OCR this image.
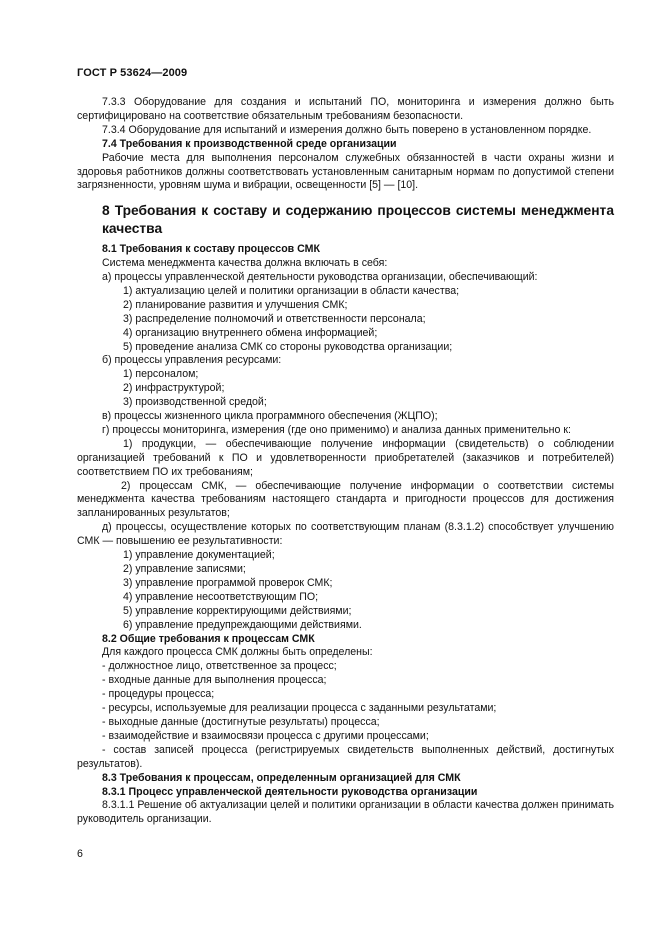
ГОСТ Р 53624—2009

7.3.3 Оборудование для создания и испытаний ПО, мониторинга и измерения должно быть сертифицировано на соответствие обязательным требованиям безопасности.

7.3.4 Оборудование для испытаний и измерения должно быть поверено в установленном порядке.

7.4 Требования к производственной среде организации

Рабочие места для выполнения персоналом служебных обязанностей в части охраны жизни и здоровья работников должны соответствовать установленным санитарным нормам по допустимой степени загрязненности, уровням шума и вибрации, освещенности [5] — [10].

8 Требования к составу и содержанию процессов системы менеджмента качества

8.1 Требования к составу процессов СМК

Система менеджмента качества должна включать в себя:

а) процессы управленческой деятельности руководства организации, обеспечивающий:

1) актуализацию целей и политики организации в области качества;

2) планирование развития и улучшения СМК;

3) распределение полномочий и ответственности персонала;

4) организацию внутреннего обмена информацией;

5) проведение анализа СМК со стороны руководства организации;

б) процессы управления ресурсами:

1) персоналом;

2) инфраструктурой;

3) производственной средой;

в) процессы жизненного цикла программного обеспечения (ЖЦПО);

г) процессы мониторинга, измерения (где оно применимо) и анализа данных применительно к:

1) продукции, — обеспечивающие получение информации (свидетельств) о соблюдении организацией требований к ПО и удовлетворенности приобретателей (заказчиков и потребителей) соответствием ПО их требованиям;

2) процессам СМК, — обеспечивающие получение информации о соответствии системы менеджмента качества требованиям настоящего стандарта и пригодности процессов для достижения запланированных результатов;

д) процессы, осуществление которых по соответствующим планам (8.3.1.2) способствует улучшению СМК — повышению ее результативности:

1) управление документацией;

2) управление записями;

3) управление программой проверок СМК;

4) управление несоответствующим ПО;

5) управление корректирующими действиями;

6) управление предупреждающими действиями.

8.2 Общие требования к процессам СМК

Для каждого процесса СМК должны быть определены:

- должностное лицо, ответственное за процесс;

- входные данные для выполнения процесса;

- процедуры процесса;

- ресурсы, используемые для реализации процесса с заданными результатами;

- выходные данные (достигнутые результаты) процесса;

- взаимодействие и взаимосвязи процесса с другими процессами;

- состав записей процесса (регистрируемых свидетельств выполненных действий, достигнутых результатов).

8.3 Требования к процессам, определенным организацией для СМК

8.3.1 Процесс управленческой деятельности руководства организации

8.3.1.1 Решение об актуализации целей и политики организации в области качества должен принимать руководитель организации.

6
